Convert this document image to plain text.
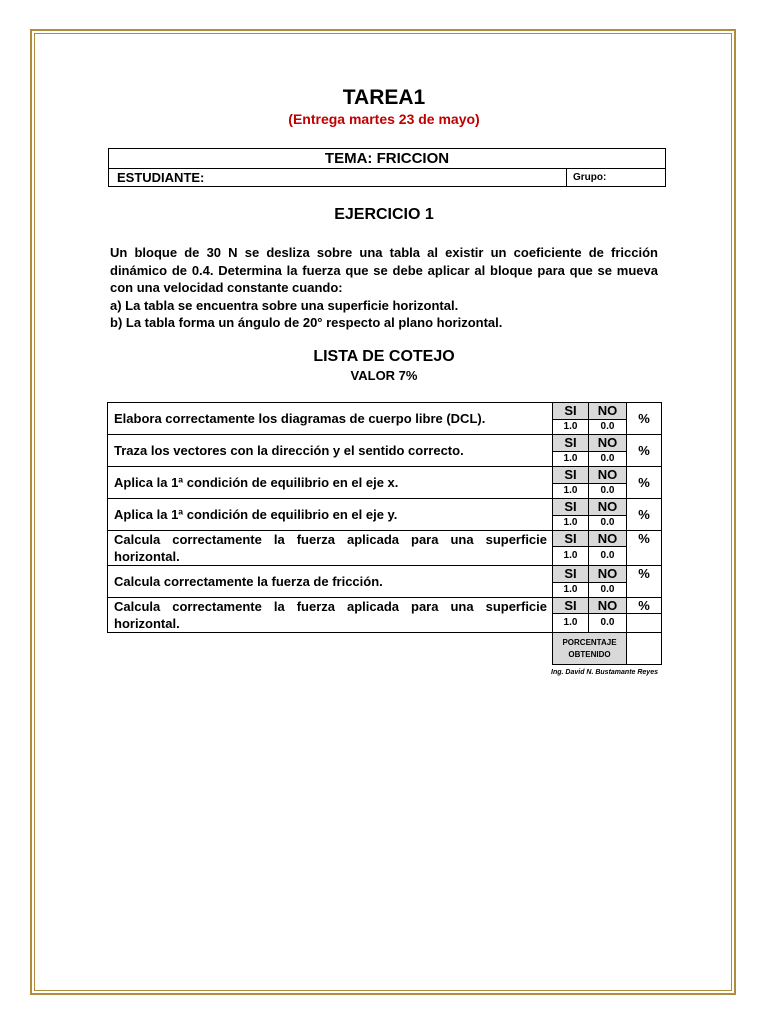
TAREA1
(Entrega martes 23 de mayo)
TEMA: FRICCION
ESTUDIANTE:	Grupo:
EJERCICIO 1

Un bloque de 30 N se desliza sobre una tabla al existir un coeficiente de fricción dinámico de 0.4. Determina la fuerza que se debe aplicar al bloque para que se mueva con una velocidad constante cuando:

a) La tabla se encuentra sobre una superficie horizontal.

b) La tabla forma un ángulo de 20° respecto al plano horizontal.

LISTA DE COTEJO
VALOR 7%
Elabora correctamente los diagramas de cuerpo libre (DCL).	SI	NO	%
	1.0	0.0	
Traza los vectores con la dirección y el sentido correcto.	SI	NO	%
	1.0	0.0	
Aplica la 1ª condición de equilibrio en el eje x.	SI	NO	%
	1.0	0.0	
Aplica la 1ª condición de equilibrio en el eje y.	SI	NO	%
	1.0	0.0	
Calcula correctamente la fuerza aplicada para una superficie horizontal.	SI	NO	%
	1.0	0.0	
Calcula correctamente la fuerza de fricción.	SI	NO	%
	1.0	0.0	
Calcula correctamente la fuerza aplicada para una superficie horizontal.	SI	NO	%
	1.0	0.0	

	PORCENTAJE
OBTENIDO		

Ing. David N. Bustamante Reyes
